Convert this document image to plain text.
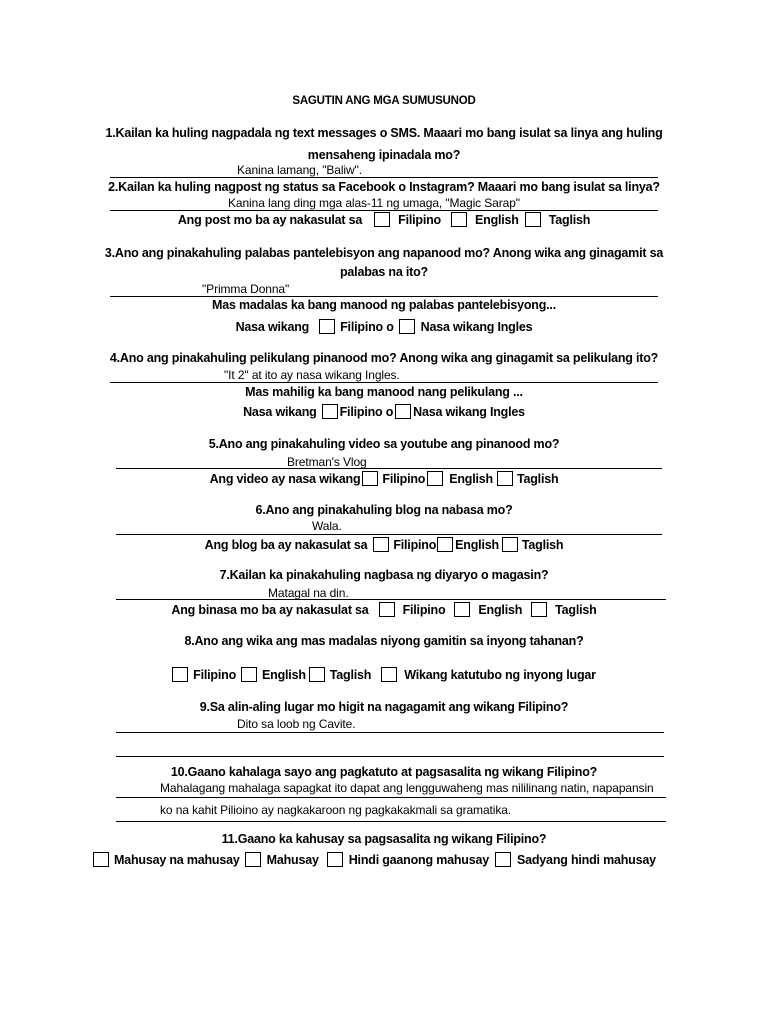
SAGUTIN ANG MGA SUMUSUNOD
1.Kailan ka huling nagpadala ng text messages o SMS. Maaari mo bang isulat sa linya ang huling
mensaheng ipinadala mo?
Kanina lamang, "Baliw".
2.Kailan ka huling nagpost ng status sa Facebook o Instagram? Maaari mo bang isulat sa linya?
Kanina lang ding mga alas-11 ng umaga, "Magic Sarap"
Ang post mo ba ay nakasulat sa	Filipino	English Taglish
3.Ano ang pinakahuling palabas pantelebisyon ang napanood mo? Anong wika ang ginagamit sa
palabas na ito?
"Primma Donna"
Mas madalas ka bang manood ng palabas pantelebisyong...
Nasa wikang Filipino o Nasa wikang Ingles
4.Ano ang pinakahuling pelikulang pinanood mo? Anong wika ang ginagamit sa pelikulang ito?
"It 2" at ito ay nasa wikang Ingles.
Mas mahilig ka bang manood nang pelikulang ...
Nasa wikang Filipino o Nasa wikang Ingles
5.Ano ang pinakahuling video sa youtube ang pinanood mo?
Bretman's Vlog
Ang video ay nasa wikang Filipino English Taglish
6.Ano ang pinakahuling blog na nabasa mo?
Wala.
Ang blog ba ay nakasulat sa Filipino English Taglish
7.Kailan ka pinakahuling nagbasa ng diyaryo o magasin?
Matagal na din.
Ang binasa mo ba ay nakasulat sa	Filipino	English	Taglish
8.Ano ang wika ang mas madalas niyong gamitin sa inyong tahanan?
Filipino English Taglish	Wikang katutubo ng inyong lugar
9.Sa alin-aling lugar mo higit na nagagamit ang wikang Filipino?
Dito sa loob ng Cavite.
10.Gaano kahalaga sayo ang pagkatuto at pagsasalita ng wikang Filipino?
Mahalagang mahalaga sapagkat ito dapat ang lengguwaheng mas nililinang natin, napapansin
ko na kahit Pilioino ay nagkakaroon ng pagkakakmali sa gramatika.
11.Gaano ka kahusay sa pagsasalita ng wikang Filipino?
Mahusay na mahusay Mahusay Hindi gaanong mahusay Sadyang hindi mahusay
